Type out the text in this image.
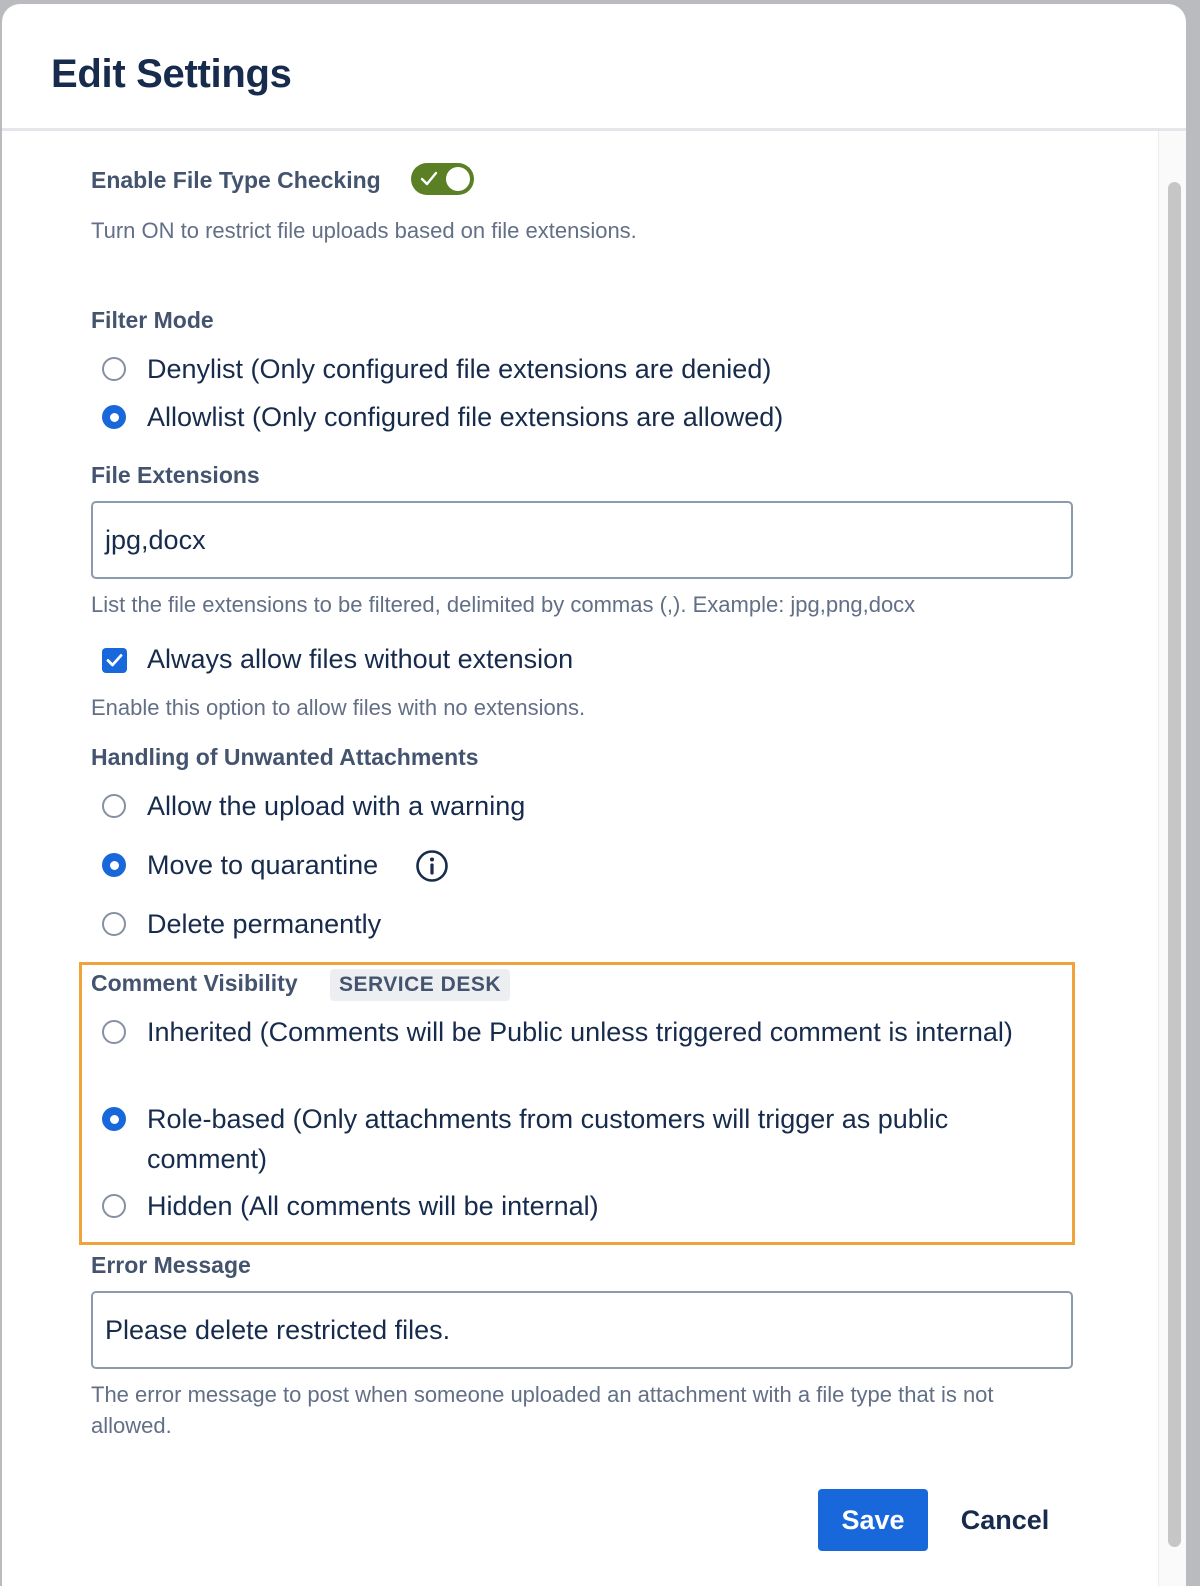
Edit Settings
Enable File Type Checking
Turn ON to restrict file uploads based on file extensions.
Filter Mode
Denylist (Only configured file extensions are denied)
Allowlist (Only configured file extensions are allowed)
File Extensions
jpg,docx
List the file extensions to be filtered, delimited by commas (,). Example: jpg,png,docx
Always allow files without extension
Enable this option to allow files with no extensions.
Handling of Unwanted Attachments
Allow the upload with a warning
Move to quarantine
Delete permanently
Comment Visibility	SERVICE DESK
Inherited (Comments will be Public unless triggered comment is internal)
Role-based (Only attachments from customers will trigger as public comment)
Hidden (All comments will be internal)
Error Message
Please delete restricted files.
The error message to post when someone uploaded an attachment with a file type that is not allowed.
Save	Cancel
